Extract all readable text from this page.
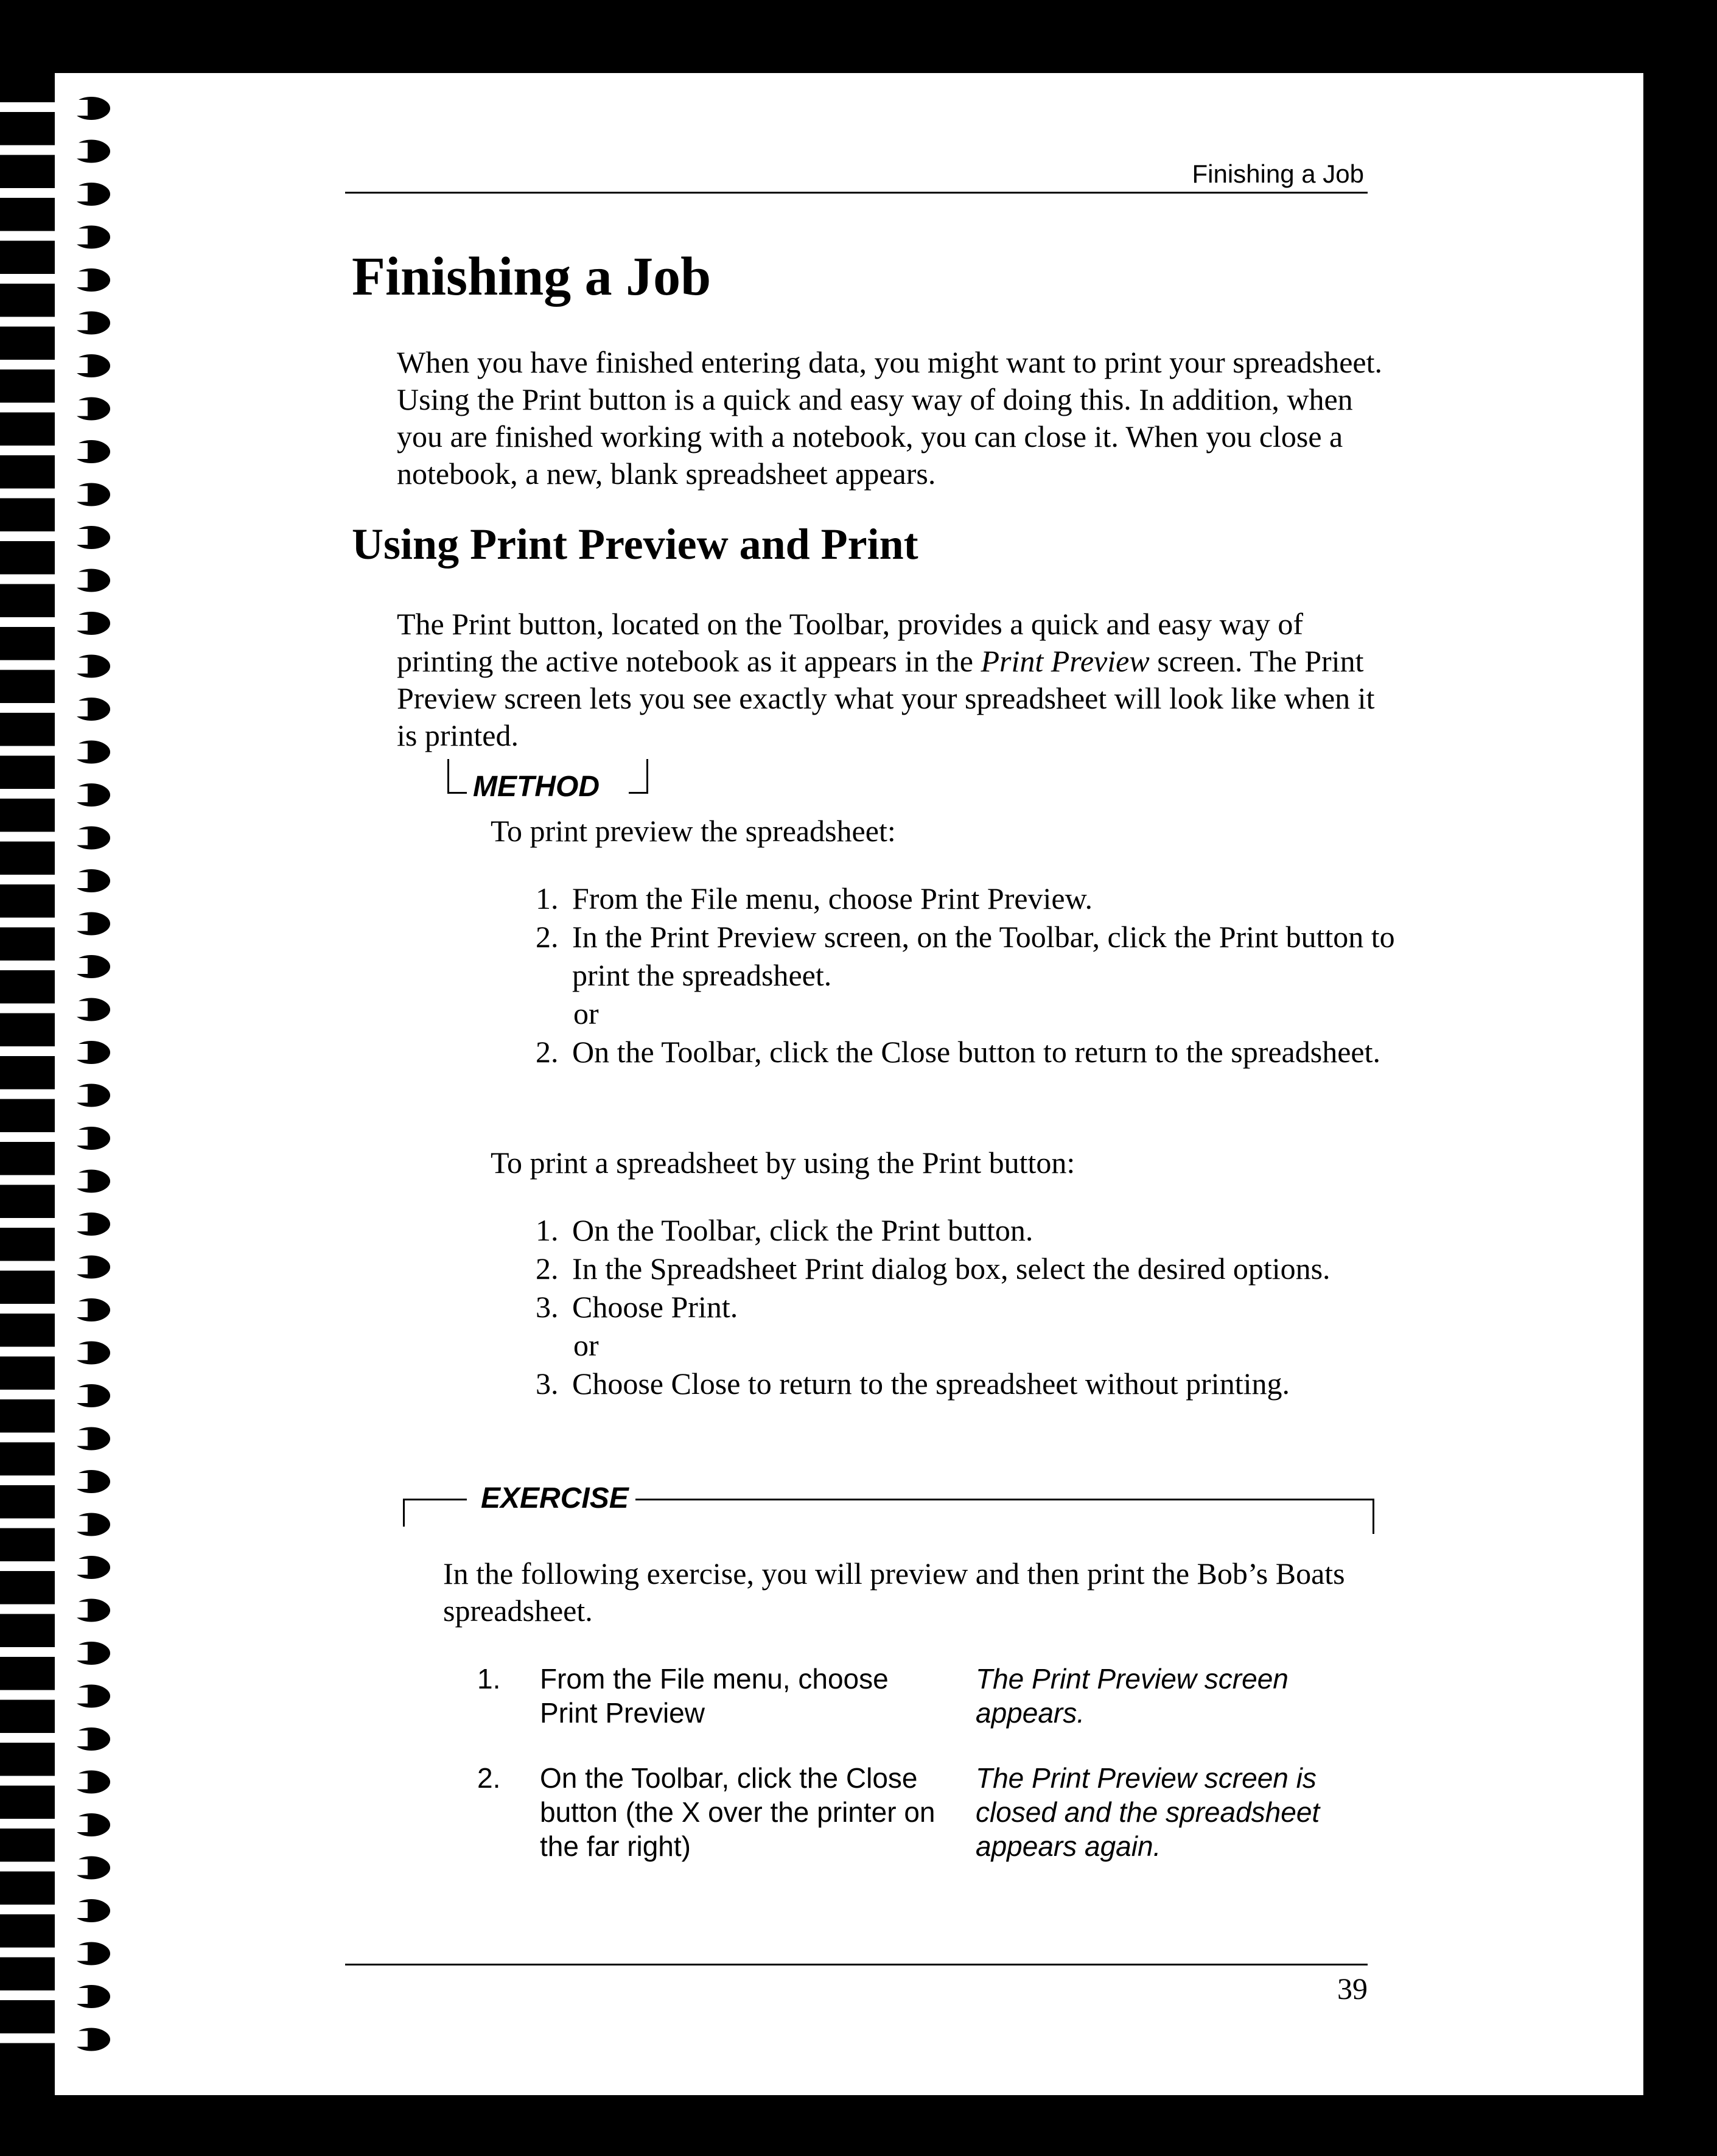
Finishing a Job
Finishing a Job

When you have finished entering data, you might want to print your spreadsheet. Using the Print button is a quick and easy way of doing this. In addition, when you are finished working with a notebook, you can close it. When you close a notebook, a new, blank spreadsheet appears.

Using Print Preview and Print

The Print button, located on the Toolbar, provides a quick and easy way of printing the active notebook as it appears in the Print Preview screen. The Print Preview screen lets you see exactly what your spreadsheet will look like when it is printed.

METHOD

To print preview the spreadsheet:

1. From the File menu, choose Print Preview.
2. In the Print Preview screen, on the Toolbar, click the Print button to print the spreadsheet.
or
2. On the Toolbar, click the Close button to return to the spreadsheet.

To print a spreadsheet by using the Print button:

1. On the Toolbar, click the Print button.
2. In the Spreadsheet Print dialog box, select the desired options.
3. Choose Print.
or
3. Choose Close to return to the spreadsheet without printing.
EXERCISE

In the following exercise, you will preview and then print the Bob’s Boats spreadsheet.

1. From the File menu, choose Print Preview
The Print Preview screen appears.
2. On the Toolbar, click the Close button (the X over the printer on the far right)
The Print Preview screen is closed and the spreadsheet appears again.
39
